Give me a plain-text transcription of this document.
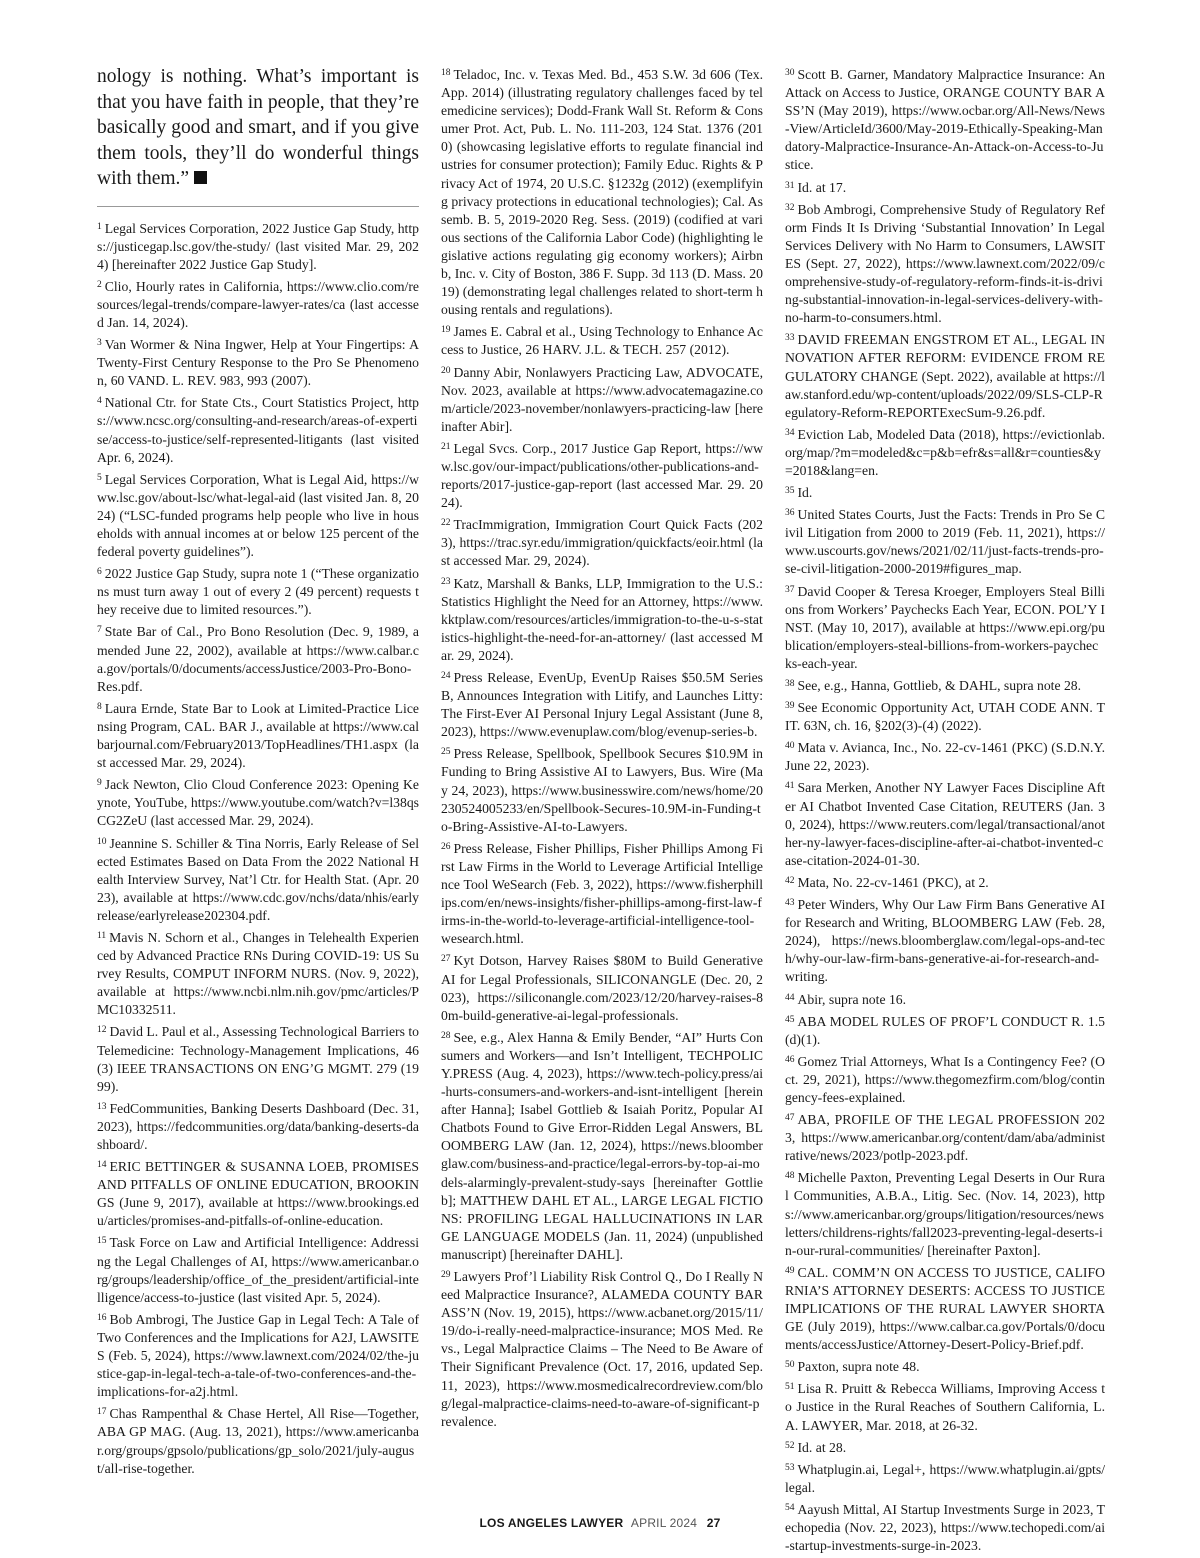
nology is nothing. What’s important is that you have faith in people, that they’re basically good and smart, and if you give them tools, they’ll do wonderful things with them.”

$^1$ Legal Services Corporation, 2022 Justice Gap Study, https://justicegap.lsc.gov/the-study/ (last visited Mar. 29, 2024) [hereinafter 2022 Justice Gap Study].

$^2$ Clio, Hourly rates in California, https://www.clio.com/resources/legal-trends/compare-lawyer-rates/ca (last accessed Jan. 14, 2024).

$^3$ Van Wormer & Nina Ingwer, Help at Your Fingertips: A Twenty-First Century Response to the Pro Se Phenomenon, 60 VAND. L. REV. 983, 993 (2007).

$^4$ National Ctr. for State Cts., Court Statistics Project, https://www.ncsc.org/consulting-and-research/areas-of-expertise/access-to-justice/self-represented-litigants (last visited Apr. 6, 2024).

$^5$ Legal Services Corporation, What is Legal Aid, https://www.lsc.gov/about-lsc/what-legal-aid (last visited Jan. 8, 2024) (“LSC-funded programs help people who live in households with annual incomes at or below 125 percent of the federal poverty guidelines”).

$^6$ 2022 Justice Gap Study, supra note 1 (“These organizations must turn away 1 out of every 2 (49 percent) requests they receive due to limited resources.”).

$^7$ State Bar of Cal., Pro Bono Resolution (Dec. 9, 1989, amended June 22, 2002), available at https://www.calbar.ca.gov/portals/0/documents/accessJustice/2003-Pro-Bono-Res.pdf.

$^8$ Laura Ernde, State Bar to Look at Limited-Practice Licensing Program, CAL. BAR J., available at https://www.calbarjournal.com/February2013/TopHeadlines/TH1.aspx (last accessed Mar. 29, 2024).

$^9$ Jack Newton, Clio Cloud Conference 2023: Opening Keynote, YouTube, https://www.youtube.com/watch?v=l38qsCG2ZeU (last accessed Mar. 29, 2024).

$^{10}$ Jeannine S. Schiller & Tina Norris, Early Release of Selected Estimates Based on Data From the 2022 National Health Interview Survey, Nat’l Ctr. for Health Stat. (Apr. 2023), available at https://www.cdc.gov/nchs/data/nhis/earlyrelease/earlyrelease202304.pdf.

$^{11}$ Mavis N. Schorn et al., Changes in Telehealth Experienced by Advanced Practice RNs During COVID-19: US Survey Results, COMPUT INFORM NURS. (Nov. 9, 2022), available at https://www.ncbi.nlm.nih.gov/pmc/articles/PMC10332511.

$^{12}$ David L. Paul et al., Assessing Technological Barriers to Telemedicine: Technology-Management Implications, 46(3) IEEE TRANSACTIONS ON ENG’G MGMT. 279 (1999).

$^{13}$ FedCommunities, Banking Deserts Dashboard (Dec. 31, 2023), https://fedcommunities.org/data/banking-deserts-dashboard/.

$^{14}$ ERIC BETTINGER & SUSANNA LOEB, PROMISES AND PITFALLS OF ONLINE EDUCATION, BROOKINGS (June 9, 2017), available at https://www.brookings.edu/articles/promises-and-pitfalls-of-online-education.

$^{15}$ Task Force on Law and Artificial Intelligence: Addressing the Legal Challenges of AI, https://www.americanbar.org/groups/leadership/office_of_the_president/artificial-intelligence/access-to-justice (last visited Apr. 5, 2024).

$^{16}$ Bob Ambrogi, The Justice Gap in Legal Tech: A Tale of Two Conferences and the Implications for A2J, LAWSITES (Feb. 5, 2024), https://www.lawnext.com/2024/02/the-justice-gap-in-legal-tech-a-tale-of-two-conferences-and-the-implications-for-a2j.html.

$^{17}$ Chas Rampenthal & Chase Hertel, All Rise—Together, ABA GP MAG. (Aug. 13, 2021), https://www.americanbar.org/groups/gpsolo/publications/gp_solo/2021/july-august/all-rise-together.

$^{18}$ Teladoc, Inc. v. Texas Med. Bd., 453 S.W. 3d 606 (Tex. App. 2014) (illustrating regulatory challenges faced by telemedicine services); Dodd-Frank Wall St. Reform & Consumer Prot. Act, Pub. L. No. 111-203, 124 Stat. 1376 (2010) (showcasing legislative efforts to regulate financial industries for consumer protection); Family Educ. Rights & Privacy Act of 1974, 20 U.S.C. §1232g (2012) (exemplifying privacy protections in educational technologies); Cal. Assemb. B. 5, 2019-2020 Reg. Sess. (2019) (codified at various sections of the California Labor Code) (highlighting legislative actions regulating gig economy workers); Airbnb, Inc. v. City of Boston, 386 F. Supp. 3d 113 (D. Mass. 2019) (demonstrating legal challenges related to short-term housing rentals and regulations).

$^{19}$ James E. Cabral et al., Using Technology to Enhance Access to Justice, 26 HARV. J.L. & TECH. 257 (2012).

$^{20}$ Danny Abir, Nonlawyers Practicing Law, ADVOCATE, Nov. 2023, available at https://www.advocatemagazine.com/article/2023-november/nonlawyers-practicing-law [hereinafter Abir].

$^{21}$ Legal Svcs. Corp., 2017 Justice Gap Report, https://www.lsc.gov/our-impact/publications/other-publications-and-reports/2017-justice-gap-report (last accessed Mar. 29. 2024).

$^{22}$ TracImmigration, Immigration Court Quick Facts (2023), https://trac.syr.edu/immigration/quickfacts/eoir.html (last accessed Mar. 29, 2024).

$^{23}$ Katz, Marshall & Banks, LLP, Immigration to the U.S.: Statistics Highlight the Need for an Attorney, https://www.kktplaw.com/resources/articles/immigration-to-the-u-s-statistics-highlight-the-need-for-an-attorney/ (last accessed Mar. 29, 2024).

$^{24}$ Press Release, EvenUp, EvenUp Raises $50.5M Series B, Announces Integration with Litify, and Launches Litty: The First-Ever AI Personal Injury Legal Assistant (June 8, 2023), https://www.evenuplaw.com/blog/evenup-series-b.

$^{25}$ Press Release, Spellbook, Spellbook Secures $10.9M in Funding to Bring Assistive AI to Lawyers, Bus. Wire (May 24, 2023), https://www.businesswire.com/news/home/20230524005233/en/Spellbook-Secures-10.9M-in-Funding-to-Bring-Assistive-AI-to-Lawyers.

$^{26}$ Press Release, Fisher Phillips, Fisher Phillips Among First Law Firms in the World to Leverage Artificial Intelligence Tool WeSearch (Feb. 3, 2022), https://www.fisherphillips.com/en/news-insights/fisher-phillips-among-first-law-firms-in-the-world-to-leverage-artificial-intelligence-tool-wesearch.html.

$^{27}$ Kyt Dotson, Harvey Raises $80M to Build Generative AI for Legal Professionals, SILICONANGLE (Dec. 20, 2023), https://siliconangle.com/2023/12/20/harvey-raises-80m-build-generative-ai-legal-professionals.

$^{28}$ See, e.g., Alex Hanna & Emily Bender, “AI” Hurts Consumers and Workers—and Isn’t Intelligent, TECHPOLICY.PRESS (Aug. 4, 2023), https://www.tech-policy.press/ai-hurts-consumers-and-workers-and-isnt-intelligent [hereinafter Hanna]; Isabel Gottlieb & Isaiah Poritz, Popular AI Chatbots Found to Give Error-Ridden Legal Answers, BLOOMBERG LAW (Jan. 12, 2024), https://news.bloomberglaw.com/business-and-practice/legal-errors-by-top-ai-models-alarmingly-prevalent-study-says [hereinafter Gottlieb]; MATTHEW DAHL ET AL., LARGE LEGAL FICTIONS: PROFILING LEGAL HALLUCINATIONS IN LARGE LANGUAGE MODELS (Jan. 11, 2024) (unpublished manuscript) [hereinafter DAHL].

$^{29}$ Lawyers Prof’l Liability Risk Control Q., Do I Really Need Malpractice Insurance?, ALAMEDA COUNTY BAR ASS’N (Nov. 19, 2015), https://www.acbanet.org/2015/11/19/do-i-really-need-malpractice-insurance; MOS Med. Revs., Legal Malpractice Claims – The Need to Be Aware of Their Significant Prevalence (Oct. 17, 2016, updated Sep. 11, 2023), https://www.mosmedicalrecordreview.com/blog/legal-malpractice-claims-need-to-aware-of-significant-prevalence.

$^{30}$ Scott B. Garner, Mandatory Malpractice Insurance: An Attack on Access to Justice, ORANGE COUNTY BAR ASS’N (May 2019), https://www.ocbar.org/All-News/News-View/ArticleId/3600/May-2019-Ethically-Speaking-Mandatory-Malpractice-Insurance-An-Attack-on-Access-to-Justice.

$^{31}$ Id. at 17.

$^{32}$ Bob Ambrogi, Comprehensive Study of Regulatory Reform Finds It Is Driving ‘Substantial Innovation’ In Legal Services Delivery with No Harm to Consumers, LAWSITES (Sept. 27, 2022), https://www.lawnext.com/2022/09/comprehensive-study-of-regulatory-reform-finds-it-is-driving-substantial-innovation-in-legal-services-delivery-with-no-harm-to-consumers.html.

$^{33}$ DAVID FREEMAN ENGSTROM ET AL., LEGAL INNOVATION AFTER REFORM: EVIDENCE FROM REGULATORY CHANGE (Sept. 2022), available at https://law.stanford.edu/wp-content/uploads/2022/09/SLS-CLP-Regulatory-Reform-REPORTExecSum-9.26.pdf.

$^{34}$ Eviction Lab, Modeled Data (2018), https://evictionlab.org/map/?m=modeled&c=p&b=efr&s=all&r=counties&y=2018&lang=en.

$^{35}$ Id.

$^{36}$ United States Courts, Just the Facts: Trends in Pro Se Civil Litigation from 2000 to 2019 (Feb. 11, 2021), https://www.uscourts.gov/news/2021/02/11/just-facts-trends-pro-se-civil-litigation-2000-2019#figures_map.

$^{37}$ David Cooper & Teresa Kroeger, Employers Steal Billions from Workers’ Paychecks Each Year, ECON. POL’Y INST. (May 10, 2017), available at https://www.epi.org/publication/employers-steal-billions-from-workers-paychecks-each-year.

$^{38}$ See, e.g., Hanna, Gottlieb, & DAHL, supra note 28.

$^{39}$ See Economic Opportunity Act, UTAH CODE ANN. TIT. 63N, ch. 16, §202(3)-(4) (2022).

$^{40}$ Mata v. Avianca, Inc., No. 22-cv-1461 (PKC) (S.D.N.Y. June 22, 2023).

$^{41}$ Sara Merken, Another NY Lawyer Faces Discipline After AI Chatbot Invented Case Citation, REUTERS (Jan. 30, 2024), https://www.reuters.com/legal/transactional/another-ny-lawyer-faces-discipline-after-ai-chatbot-invented-case-citation-2024-01-30.

$^{42}$ Mata, No. 22-cv-1461 (PKC), at 2.

$^{43}$ Peter Winders, Why Our Law Firm Bans Generative AI for Research and Writing, BLOOMBERG LAW (Feb. 28, 2024), https://news.bloomberglaw.com/legal-ops-and-tech/why-our-law-firm-bans-generative-ai-for-research-and-writing.

$^{44}$ Abir, supra note 16.

$^{45}$ ABA MODEL RULES OF PROF’L CONDUCT R. 1.5(d)(1).

$^{46}$ Gomez Trial Attorneys, What Is a Contingency Fee? (Oct. 29, 2021), https://www.thegomezfirm.com/blog/contingency-fees-explained.

$^{47}$ ABA, PROFILE OF THE LEGAL PROFESSION 2023, https://www.americanbar.org/content/dam/aba/administrative/news/2023/potlp-2023.pdf.

$^{48}$ Michelle Paxton, Preventing Legal Deserts in Our Rural Communities, A.B.A., Litig. Sec. (Nov. 14, 2023), https://www.americanbar.org/groups/litigation/resources/newsletters/childrens-rights/fall2023-preventing-legal-deserts-in-our-rural-communities/ [hereinafter Paxton].

$^{49}$ CAL. COMM’N ON ACCESS TO JUSTICE, CALIFORNIA’S ATTORNEY DESERTS: ACCESS TO JUSTICE IMPLICATIONS OF THE RURAL LAWYER SHORTAGE (July 2019), https://www.calbar.ca.gov/Portals/0/documents/accessJustice/Attorney-Desert-Policy-Brief.pdf.

$^{50}$ Paxton, supra note 48.

$^{51}$ Lisa R. Pruitt & Rebecca Williams, Improving Access to Justice in the Rural Reaches of Southern California, L.A. LAWYER, Mar. 2018, at 26-32.

$^{52}$ Id. at 28.

$^{53}$ Whatplugin.ai, Legal+, https://www.whatplugin.ai/gpts/legal.

$^{54}$ Aayush Mittal, AI Startup Investments Surge in 2023, Techopedia (Nov. 22, 2023), https://www.techopedi.com/ai-startup-investments-surge-in-2023.

LOS ANGELES LAWYER APRIL 2024 27
